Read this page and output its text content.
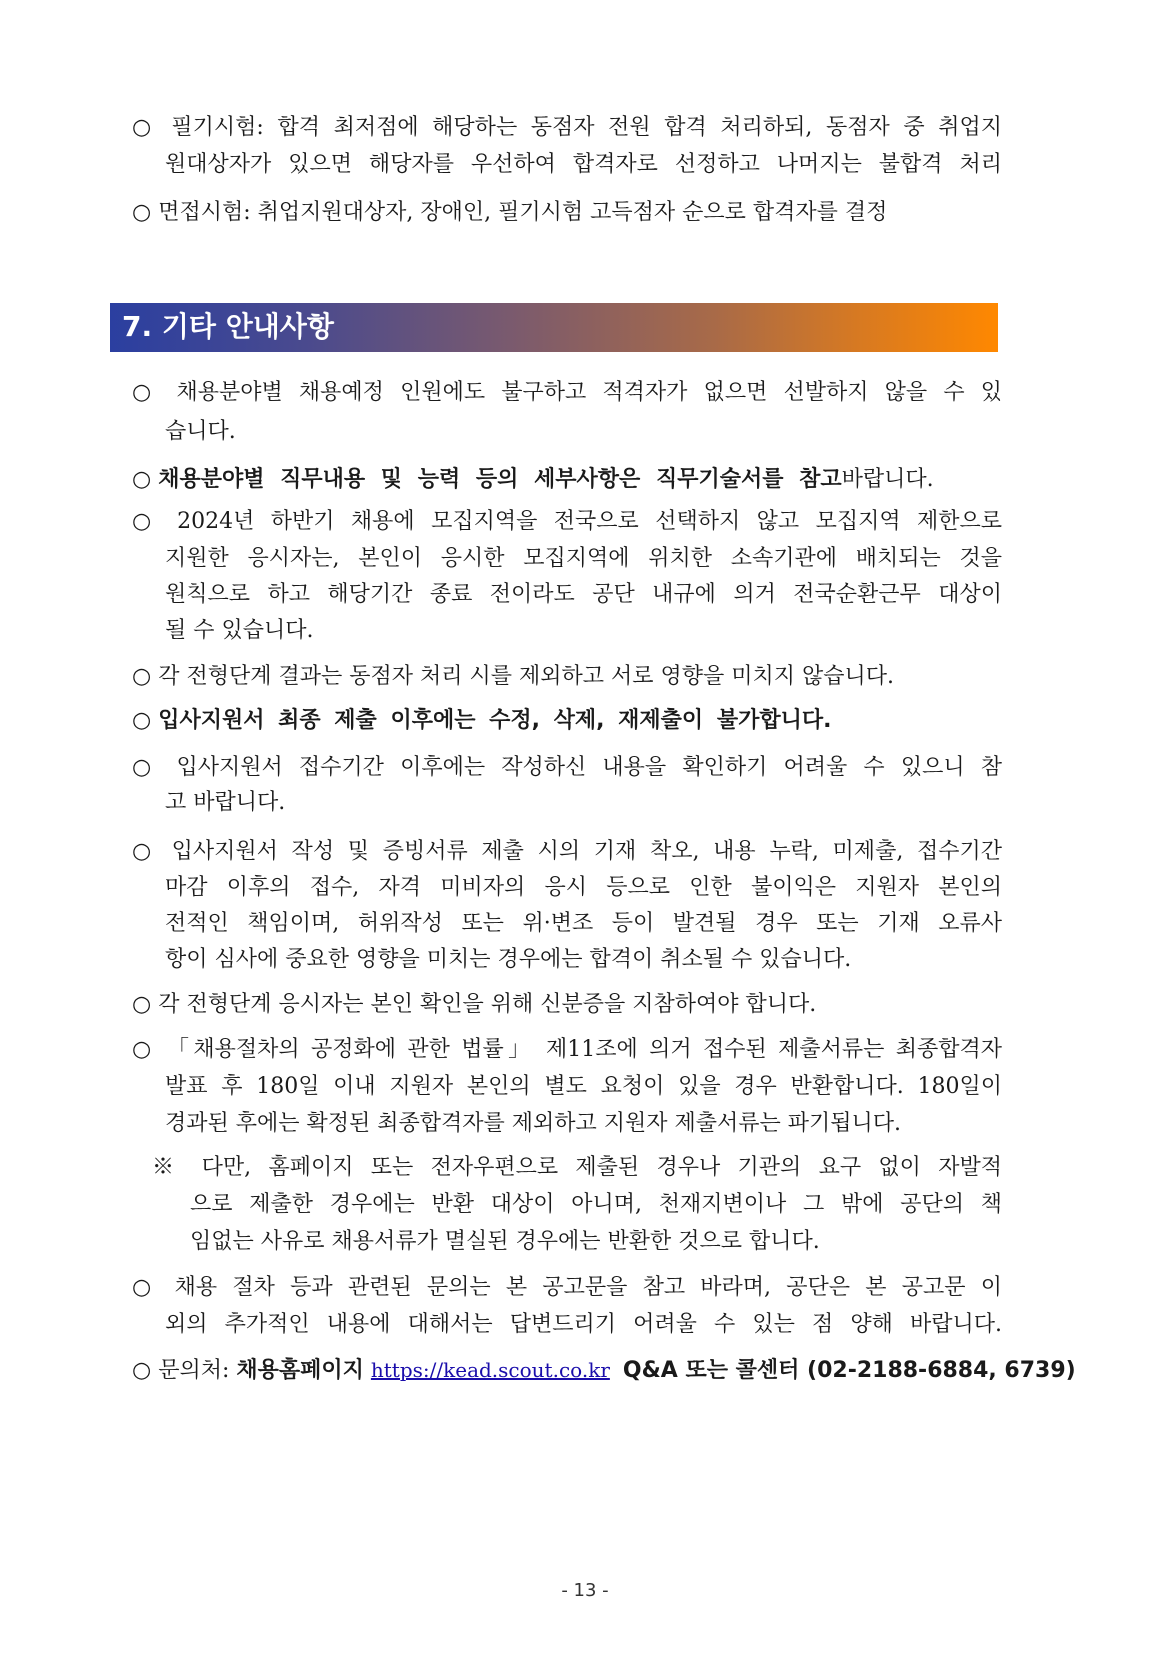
○ 필기시험: 합격 최저점에 해당하는 동점자 전원 합격 처리하되, 동점자 중 취업지
원대상자가 있으면 해당자를 우선하여 합격자로 선정하고 나머지는 불합격 처리
○ 면접시험: 취업지원대상자, 장애인, 필기시험 고득점자 순으로 합격자를 결정
7. 기타 안내사항
○ 채용분야별 채용예정 인원에도 불구하고 적격자가 없으면 선발하지 않을 수 있
습니다.
○ 채용분야별 직무내용 및 능력 등의 세부사항은 직무기술서를 참고바랍니다.
○ 2024년 하반기 채용에 모집지역을 전국으로 선택하지 않고 모집지역 제한으로
지원한 응시자는, 본인이 응시한 모집지역에 위치한 소속기관에 배치되는 것을
원칙으로 하고 해당기간 종료 전이라도 공단 내규에 의거 전국순환근무 대상이
될 수 있습니다.
○ 각 전형단계 결과는 동점자 처리 시를 제외하고 서로 영향을 미치지 않습니다.
○ 입사지원서 최종 제출 이후에는 수정, 삭제, 재제출이 불가합니다.
○ 입사지원서 접수기간 이후에는 작성하신 내용을 확인하기 어려울 수 있으니 참
고 바랍니다.
○ 입사지원서 작성 및 증빙서류 제출 시의 기재 착오, 내용 누락, 미제출, 접수기간
마감 이후의 접수, 자격 미비자의 응시 등으로 인한 불이익은 지원자 본인의
전적인 책임이며, 허위작성 또는 위·변조 등이 발견될 경우 또는 기재 오류사
항이 심사에 중요한 영향을 미치는 경우에는 합격이 취소될 수 있습니다.
○ 각 전형단계 응시자는 본인 확인을 위해 신분증을 지참하여야 합니다.
○ 「채용절차의 공정화에 관한 법률」 제11조에 의거 접수된 제출서류는 최종합격자
발표 후 180일 이내 지원자 본인의 별도 요청이 있을 경우 반환합니다. 180일이
경과된 후에는 확정된 최종합격자를 제외하고 지원자 제출서류는 파기됩니다.
※ 다만, 홈페이지 또는 전자우편으로 제출된 경우나 기관의 요구 없이 자발적
으로 제출한 경우에는 반환 대상이 아니며, 천재지변이나 그 밖에 공단의 책
임없는 사유로 채용서류가 멸실된 경우에는 반환한 것으로 합니다.
○ 채용 절차 등과 관련된 문의는 본 공고문을 참고 바라며, 공단은 본 공고문 이
외의 추가적인 내용에 대해서는 답변드리기 어려울 수 있는 점 양해 바랍니다.
○ 문의처: 채용홈페이지 https://kead.scout.co.kr Q&A 또는 콜센터 (02-2188-6884, 6739)
- 13 -
